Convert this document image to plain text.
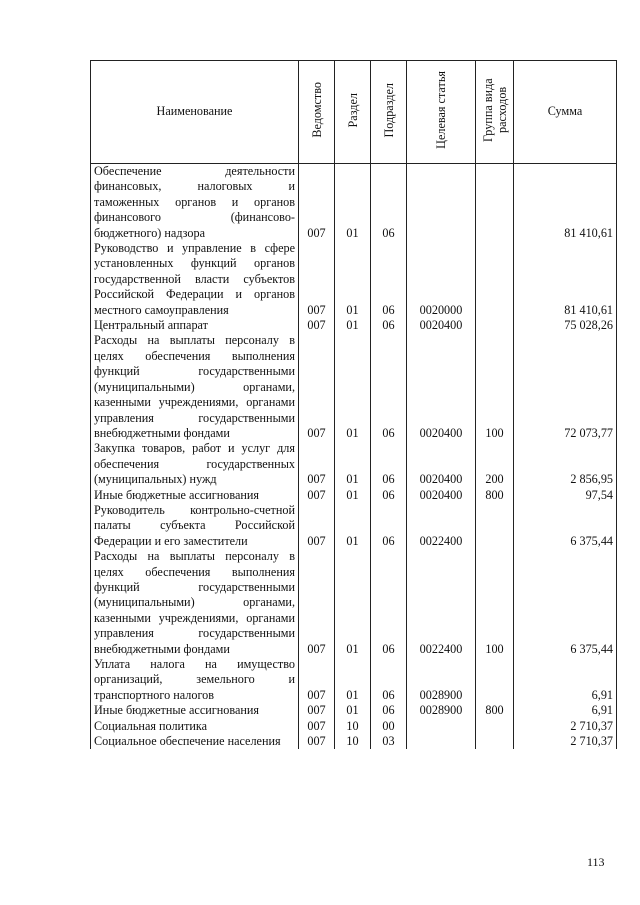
Наименование	Ведомство	Раздел	Подраздел	Целевая статья	Группа вида расходов	Сумма
Обеспечение деятельности финансовых, налоговых и таможенных органов и органов финансового (финансово-бюджетного) надзора	007	01	06			81 410,61
Руководство и управление в сфере установленных функций органов государственной власти субъектов Российской Федерации и органов местного самоуправления	007	01	06	0020000		81 410,61
Центральный аппарат	007	01	06	0020400		75 028,26
Расходы на выплаты персоналу в целях обеспечения выполнения функций государственными (муниципальными) органами, казенными учреждениями, органами управления государственными внебюджетными фондами	007	01	06	0020400	100	72 073,77
Закупка товаров, работ и услуг для обеспечения государственных (муниципальных) нужд	007	01	06	0020400	200	2 856,95
Иные бюджетные ассигнования	007	01	06	0020400	800	97,54
Руководитель контрольно-счетной палаты субъекта Российской Федерации и его заместители	007	01	06	0022400		6 375,44
Расходы на выплаты персоналу в целях обеспечения выполнения функций государственными (муниципальными) органами, казенными учреждениями, органами управления государственными внебюджетными фондами	007	01	06	0022400	100	6 375,44
Уплата налога на имущество организаций, земельного и транспортного налогов	007	01	06	0028900		6,91
Иные бюджетные ассигнования	007	01	06	0028900	800	6,91
Социальная политика	007	10	00			2 710,37
Социальное обеспечение населения	007	10	03			2 710,37
113
